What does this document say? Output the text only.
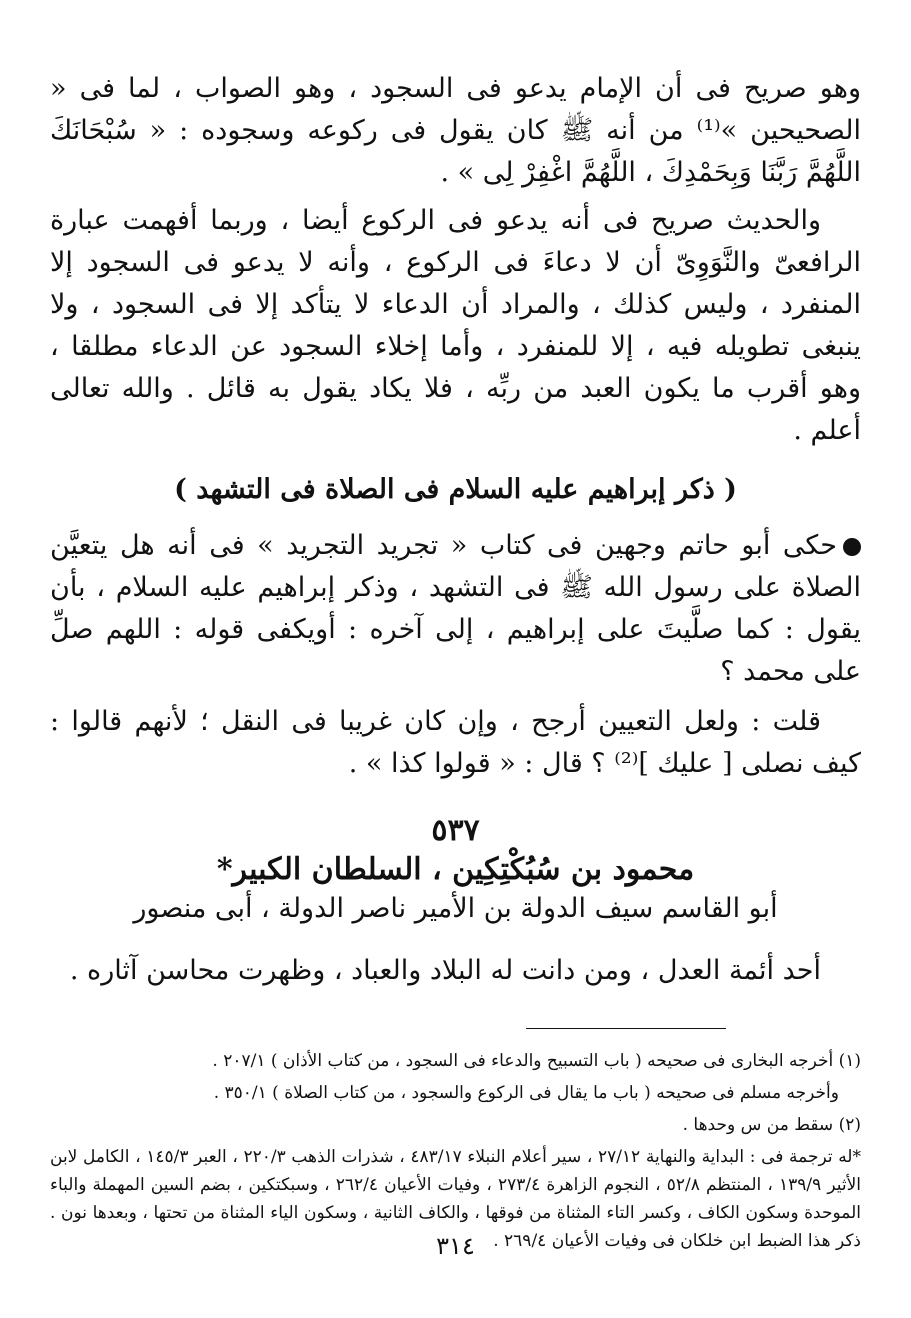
وهو صريح فى أن الإمام يدعو فى السجود ، وهو الصواب ، لما فى « الصحيحين »⁽¹⁾ من أنه ﷺ كان يقول فى ركوعه وسجوده : « سُبْحَانَكَ اللَّهُمَّ رَبَّنَا وَبِحَمْدِكَ ، اللَّهُمَّ اغْفِرْ لِى » .

والحديث صريح فى أنه يدعو فى الركوع أيضا ، وربما أفهمت عبارة الرافعىّ والنَّوَوِىّ أن لا دعاءَ فى الركوع ، وأنه لا يدعو فى السجود إلا المنفرد ، وليس كذلك ، والمراد أن الدعاء لا يتأكد إلا فى السجود ، ولا ينبغى تطويله فيه ، إلا للمنفرد ، وأما إخلاء السجود عن الدعاء مطلقا ، وهو أقرب ما يكون العبد من ربِّه ، فلا يكاد يقول به قائل . والله تعالى أعلم .

( ذكر إبراهيم عليه السلام فى الصلاة فى التشهد )

حكى أبو حاتم وجهين فى كتاب « تجريد التجريد » فى أنه هل يتعيَّن الصلاة على رسول الله ﷺ فى التشهد ، وذكر إبراهيم عليه السلام ، بأن يقول : كما صلَّيتَ على إبراهيم ، إلى آخره : أويكفى قوله : اللهم صلِّ على محمد ؟

قلت : ولعل التعيين أرجح ، وإن كان غريبا فى النقل ؛ لأنهم قالوا : كيف نصلى [ عليك ]⁽²⁾ ؟ قال : « قولوا كذا » .

٥٣٧
محمود بن سُبُكْتِكِين ، السلطان الكبير*
أبو القاسم سيف الدولة بن الأمير ناصر الدولة ، أبى منصور

أحد أئمة العدل ، ومن دانت له البلاد والعباد ، وظهرت محاسن آثاره .

(١) أخرجه البخارى فى صحيحه ( باب التسبيح والدعاء فى السجود ، من كتاب الأذان ) ٢٠٧/١ .

وأخرجه مسلم فى صحيحه ( باب ما يقال فى الركوع والسجود ، من كتاب الصلاة ) ٣٥٠/١ .

(٢) سقط من س وحدها .

*له ترجمة فى : البداية والنهاية ٢٧/١٢ ، سير أعلام النبلاء ٤٨٣/١٧ ، شذرات الذهب ٢٢٠/٣ ، العبر ١٤٥/٣ ، الكامل لابن الأثير ١٣٩/٩ ، المنتظم ٥٢/٨ ، النجوم الزاهرة ٢٧٣/٤ ، وفيات الأعيان ٢٦٢/٤ ، وسبكتكين ، بضم السين المهملة والباء الموحدة وسكون الكاف ، وكسر التاء المثناة من فوقها ، والكاف الثانية ، وسكون الياء المثناة من تحتها ، وبعدها نون . ذكر هذا الضبط ابن خلكان فى وفيات الأعيان ٢٦٩/٤ .

٣١٤
